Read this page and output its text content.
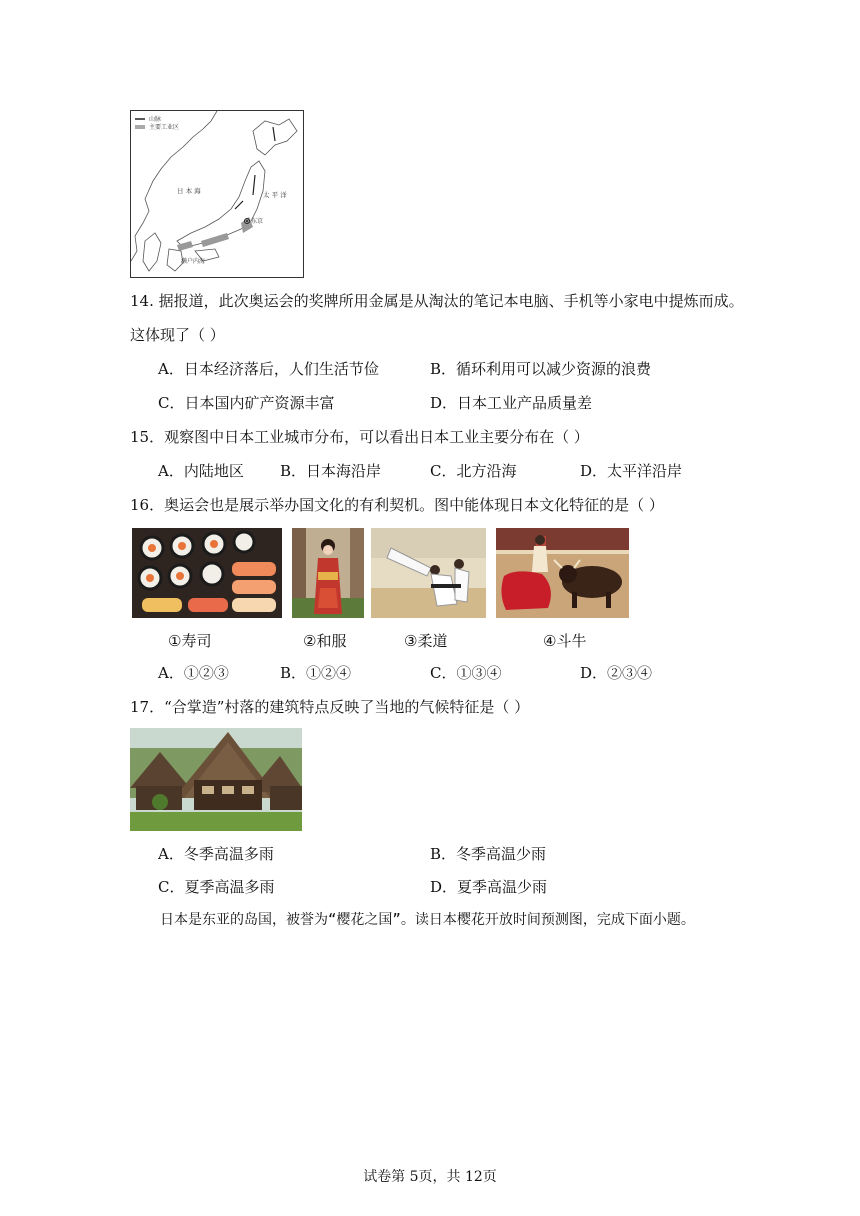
山脉
主要工业区
东京
日 本 海	太 平 洋
濑户内海
14. 据报道，此次奥运会的奖牌所用金属是从淘汰的笔记本电脑、手机等小家电中提炼而成。
这体现了（ ）
A．日本经济落后，人们生活节俭	B．循环利用可以减少资源的浪费
C．日本国内矿产资源丰富	D．日本工业产品质量差
15．观察图中日本工业城市分布，可以看出日本工业主要分布在（ ）
A．内陆地区 B．日本海沿岸	C．北方沿海	D．太平洋沿岸
16．奥运会也是展示举办国文化的有利契机。图中能体现日本文化特征的是（ ）
①寿司	②和服	③柔道	④斗牛
A．①②③	B．①②④	C．①③④	D．②③④
17．“合掌造”村落的建筑特点反映了当地的气候特征是（ ）
A．冬季高温多雨	B．冬季高温少雨
C．夏季高温多雨	D．夏季高温少雨
日本是东亚的岛国，被誉为“樱花之国”。读日本樱花开放时间预测图，完成下面小题。
试卷第 5页，共 12页
